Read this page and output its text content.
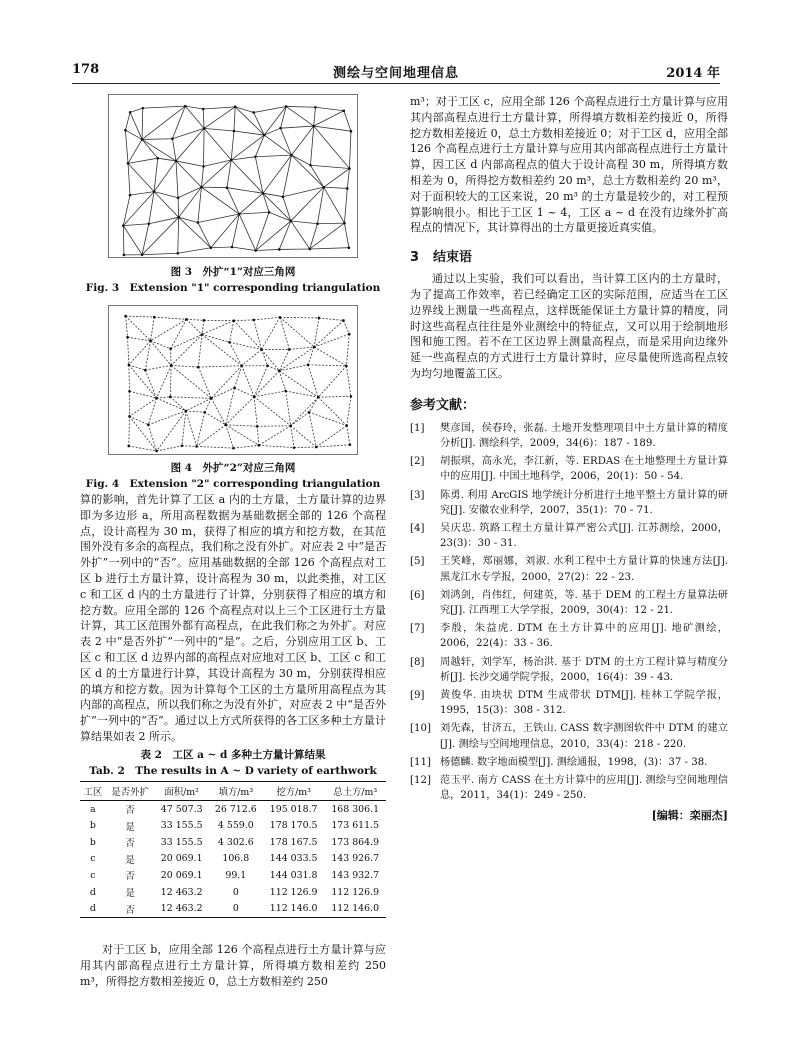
178	测绘与空间地理信息	2014 年
图 3　外扩“1”对应三角网
Fig. 3　Extension "1" corresponding triangulation
图 4　外扩“2”对应三角网
Fig. 4　Extension "2" corresponding triangulation

算的影响，首先计算了工区 a 内的土方量，土方量计算的边界即为多边形 a，所用高程数据为基础数据全部的 126 个高程点，设计高程为 30 m，获得了相应的填方和挖方数，在其范围外没有多余的高程点，我们称之没有外扩。对应表 2 中“是否外扩”一列中的“否”。应用基础数据的全部 126 个高程点对工区 b 进行土方量计算，设计高程为 30 m，以此类推，对工区 c 和工区 d 内的土方量进行了计算，分别获得了相应的填方和挖方数。应用全部的 126 个高程点对以上三个工区进行土方量计算，其工区范围外都有高程点，在此我们称之为外扩。对应表 2 中“是否外扩”一列中的“是”。之后，分别应用工区 b、工区 c 和工区 d 边界内部的高程点对应地对工区 b、工区 c 和工区 d 的土方量进行计算，其设计高程为 30 m，分别获得相应的填方和挖方数。因为计算每个工区的土方量所用高程点为其内部的高程点，所以我们称之为没有外扩，对应表 2 中“是否外扩”一列中的“否”。通过以上方式所获得的各工区多种土方量计算结果如表 2 所示。

表 2　工区 a ~ d 多种土方量计算结果
Tab. 2　The results in A ~ D variety of earthwork
工区	是否外扩	面积/m²	填方/m³	挖方/m³	总土方/m³
a	否	47 507.3	26 712.6	195 018.7	168 306.1
b	是	33 155.5	4 559.0	178 170.5	173 611.5
b	否	33 155.5	4 302.6	178 167.5	173 864.9
c	是	20 069.1	106.8	144 033.5	143 926.7
c	否	20 069.1	99.1	144 031.8	143 932.7
d	是	12 463.2	0	112 126.9	112 126.9
d	否	12 463.2	0	112 146.0	112 146.0

对于工区 b，应用全部 126 个高程点进行土方量计算与应用其内部高程点进行土方量计算，所得填方数相差约 250 m³，所得挖方数相差接近 0，总土方数相差约 250

m³；对于工区 c，应用全部 126 个高程点进行土方量计算与应用其内部高程点进行土方量计算，所得填方数相差约接近 0，所得挖方数相差接近 0，总土方数相差接近 0；对于工区 d，应用全部 126 个高程点进行土方量计算与应用其内部高程点进行土方量计算，因工区 d 内部高程点的值大于设计高程 30 m，所得填方数相差为 0，所得挖方数相差约 20 m³，总土方数相差约 20 m³，对于面积较大的工区来说，20 m³ 的土方量是较少的，对工程预算影响很小。相比于工区 1 ~ 4，工区 a ~ d 在没有边缘外扩高程点的情况下，其计算得出的土方量更接近真实值。

3 结束语

通过以上实验，我们可以看出，当计算工区内的土方量时，为了提高工作效率，若已经确定工区的实际范围，应适当在工区边界线上测量一些高程点，这样既能保证土方量计算的精度，同时这些高程点往往是外业测绘中的特征点，又可以用于绘制地形图和施工图。若不在工区边界上测量高程点，而是采用向边缘外延一些高程点的方式进行土方量计算时，应尽量使所选高程点较为均匀地覆盖工区。

参考文献：
[1]	樊彦国，侯春玲，张磊. 土地开发整理项目中土方量计算的精度分析[J]. 测绘科学，2009，34(6)：187 - 189.
[2]	胡振琪，高永光，李江新，等. ERDAS 在土地整理土方量计算中的应用[J]. 中国土地科学，2006，20(1)：50 - 54.
[3]	陈勇. 利用 ArcGIS 地学统计分析进行土地平整土方量计算的研究[J]. 安徽农业科学，2007，35(1)：70 - 71.
[4]	吴庆忠. 筑路工程土方量计算严密公式[J]. 江苏测绘，2000，23(3)：30 - 31.
[5]	王笑峰，郑丽娜，刘淑. 水利工程中土方量计算的快速方法[J]. 黑龙江水专学报，2000，27(2)：22 - 23.
[6]	刘鸿剑，肖伟红，何建英，等. 基于 DEM 的工程土方量算法研究[J]. 江西理工大学学报，2009，30(4)：12 - 21.
[7]	李殷，朱益虎. DTM 在土方计算中的应用[J]. 地矿测绘，2006，22(4)：33 - 36.
[8]	周越轩，刘学军，杨治洪. 基于 DTM 的土方工程计算与精度分析[J]. 长沙交通学院学报，2000，16(4)：39 - 43.
[9]	黄俊华. 由块状 DTM 生成带状 DTM[J]. 桂林工学院学报，1995，15(3)：308 - 312.
[10] 刘先森，甘济五，王铁山. CASS 数字测图软件中 DTM 的建立[J]. 测绘与空间地理信息，2010，33(4)：218 - 220.
[11] 杨德麟. 数字地面模型[J]. 测绘通报，1998，(3)：37 - 38.
[12] 范玉平. 南方 CASS 在土方计算中的应用[J]. 测绘与空间地理信息，2011，34(1)：249 - 250.
[编辑：栾丽杰]
